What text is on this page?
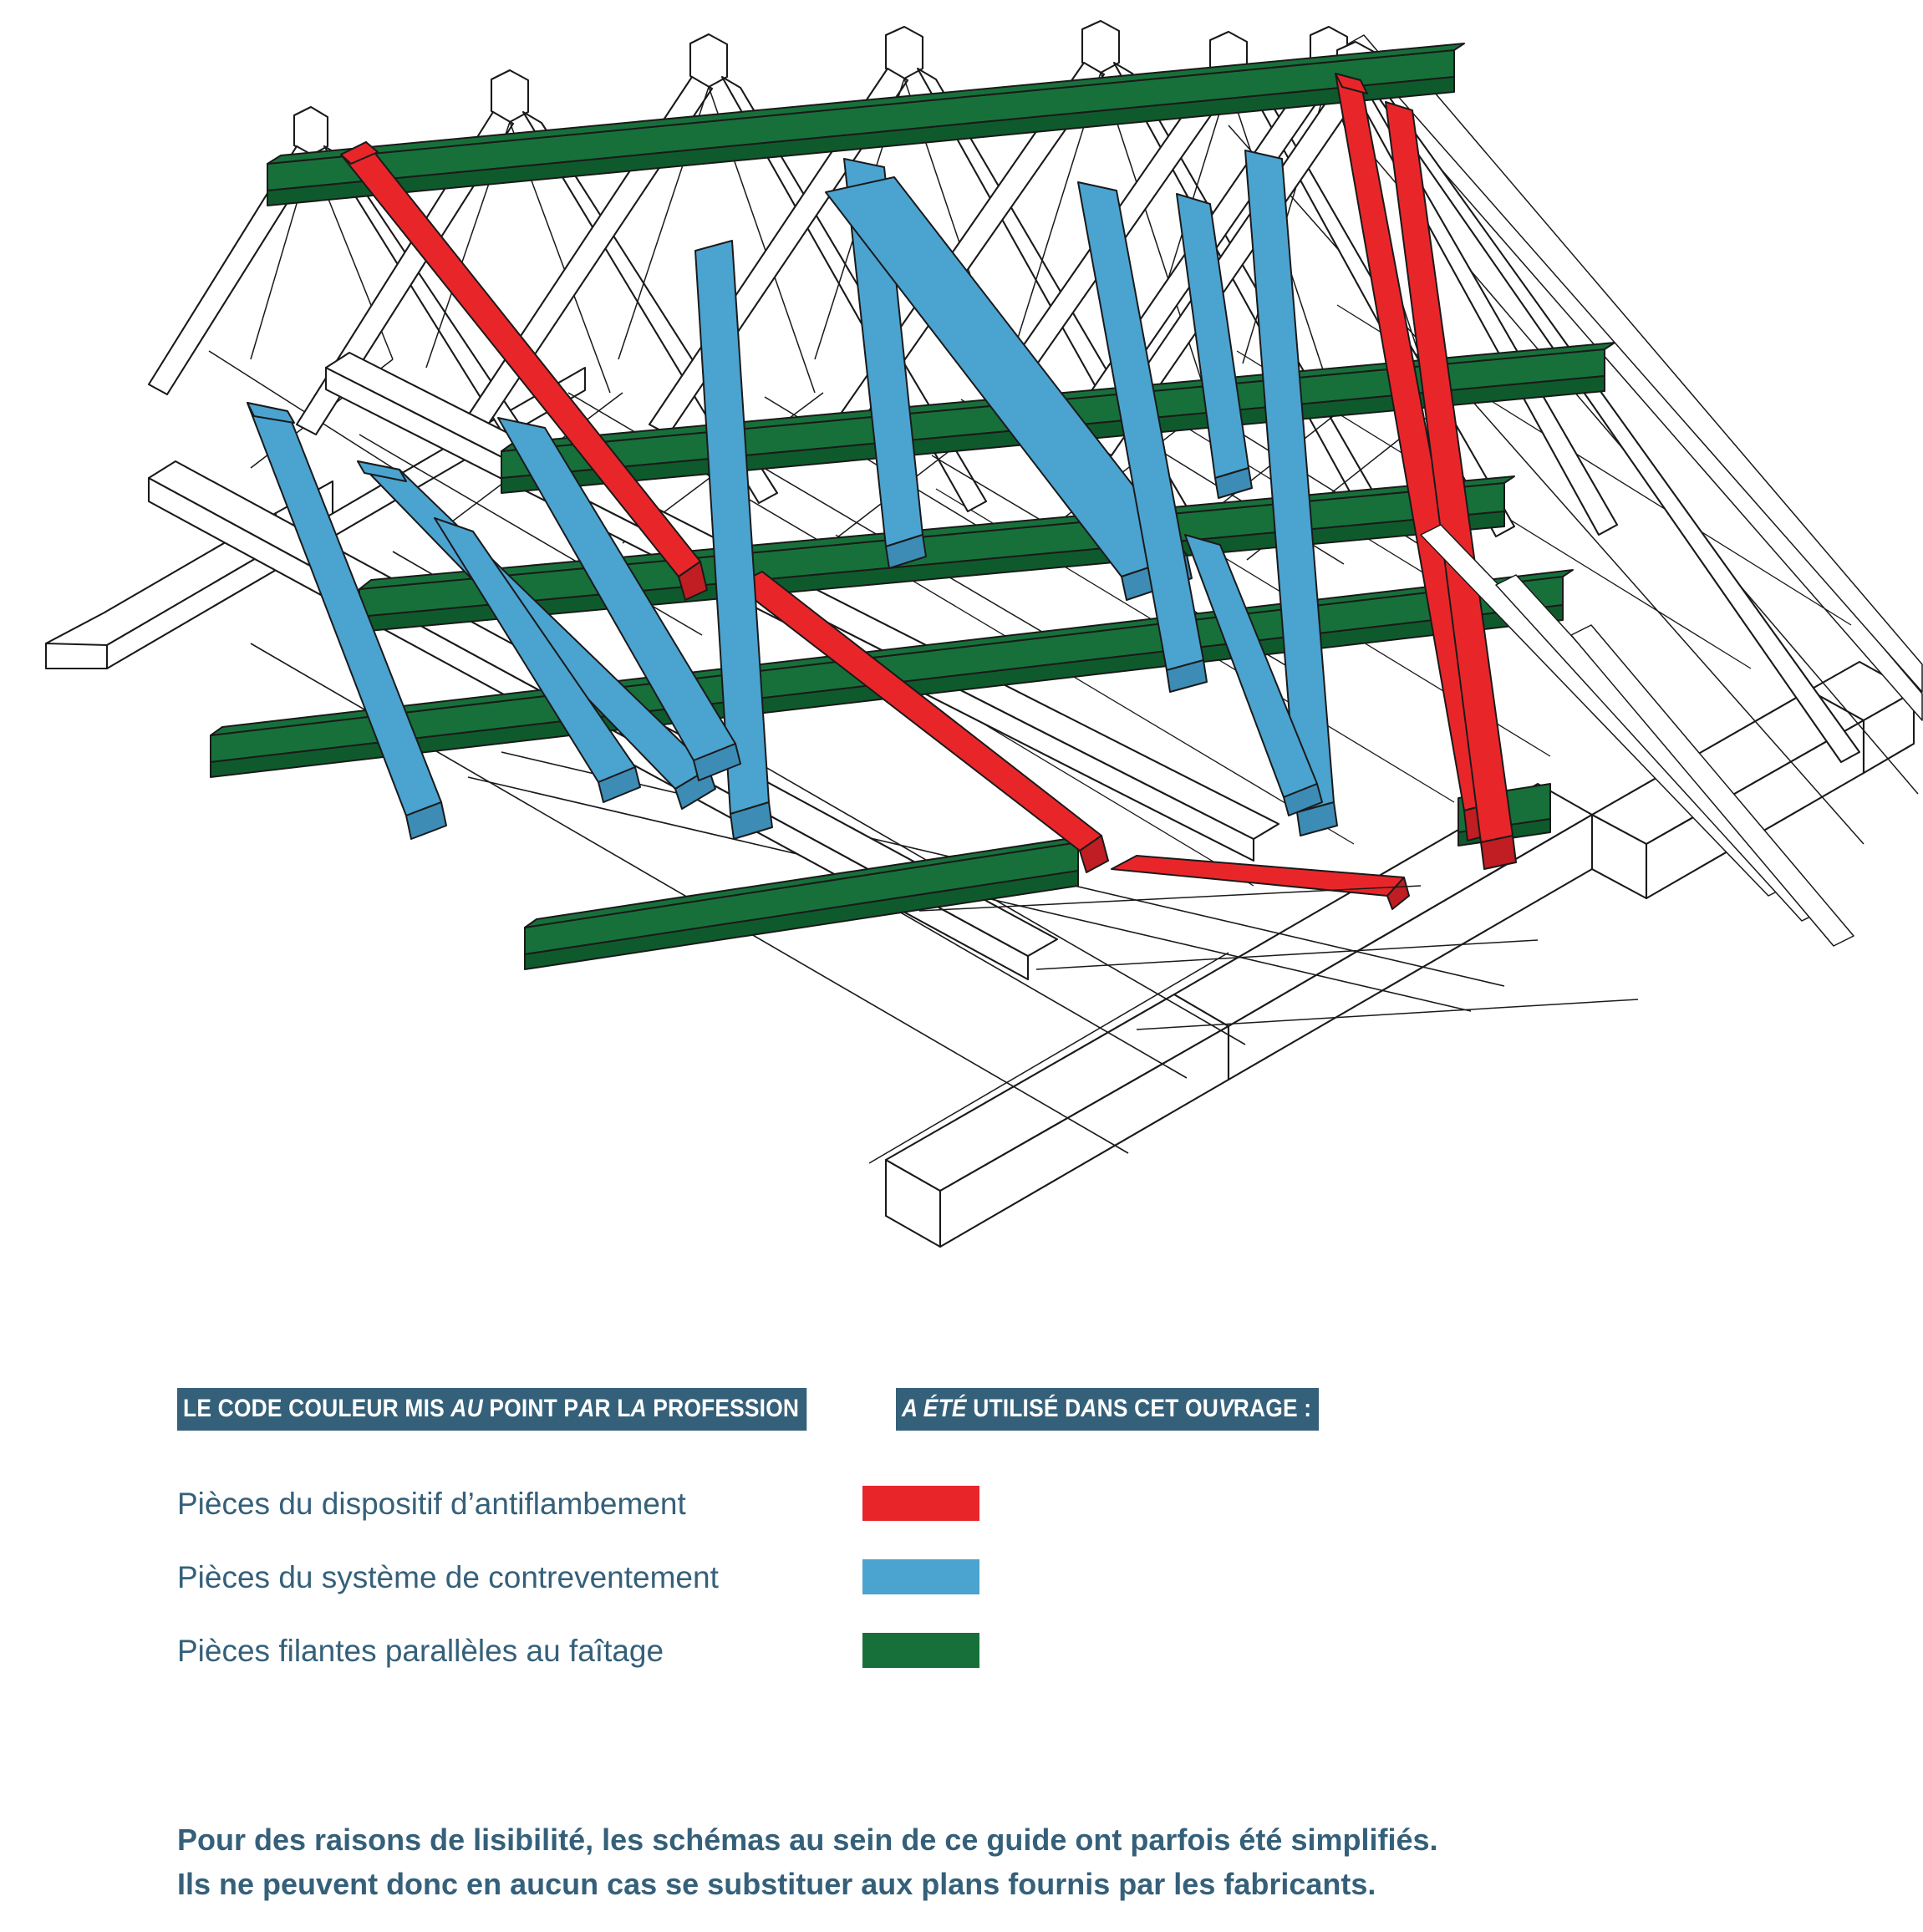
LE CODE COULEUR MIS AU POINT PAR LA PROFESSION	A ÉTÉ UTILISÉ DANS CET OUVRAGE :
Pièces du dispositif d’antiflambement
Pièces du système de contreventement
Pièces filantes parallèles au faîtage
Pour des raisons de lisibilité, les schémas au sein de ce guide ont parfois été simplifiés.
Ils ne peuvent donc en aucun cas se substituer aux plans fournis par les fabricants.
